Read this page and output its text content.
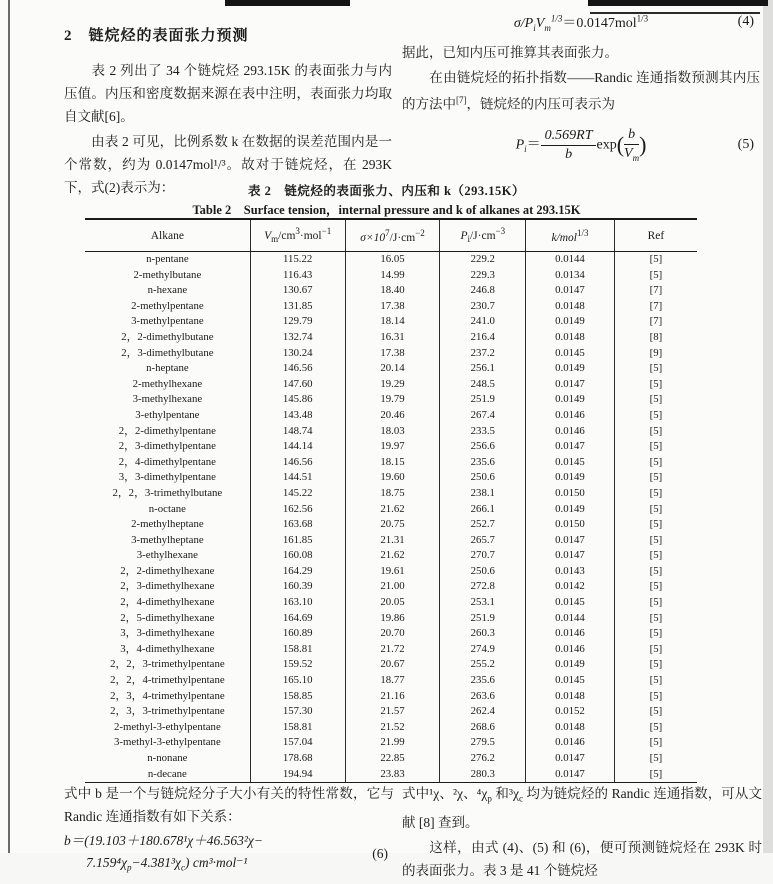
2　链烷烃的表面张力预测

表 2 列出了 34 个链烷烃 293.15K 的表面张力与内压值。内压和密度数据来源在表中注明，表面张力均取自文献[6]。

由表 2 可见，比例系数 k 在数据的误差范围内是一个常数，约为 0.0147mol¹/³。故对于链烷烃，在 293K 下，式(2)表示为：

$\sigma/P_iV_m^{1/3}=0.0147mol^{1/3}$	(4)

据此，已知内压可推算其表面张力。

在由链烷烃的拓扑指数——Randic 连通指数预测其内压的方法中[7]，链烷烃的内压可表示为

$P_i= \frac{0.569RT}{b} \exp( \frac{b}{V_m}$ )	(5)
表 2　链烷烃的表面张力、内压和 k（293.15K）
Table 2　Surface tension，internal pressure and k of alkanes at 293.15K
Alkane	$V_m/cm^3\cdot mol^{-1}$	$\sigma\times 10^7/J\cdot cm^{-2}$	$P_i/J\cdot cm^{-3}$	k/mol$^{1/3}$	Ref
n-pentane	115.22	16.05	229.2	0.0144	[5]
2-methylbutane	116.43	14.99	229.3	0.0134	[5]
n-hexane	130.67	18.40	246.8	0.0147	[7]
2-methylpentane	131.85	17.38	230.7	0.0148	[7]
3-methylpentane	129.79	18.14	241.0	0.0149	[7]
2，2-dimethylbutane	132.74	16.31	216.4	0.0148	[8]
2，3-dimethylbutane	130.24	17.38	237.2	0.0145	[9]
n-heptane	146.56	20.14	256.1	0.0149	[5]
2-methylhexane	147.60	19.29	248.5	0.0147	[5]
3-methylhexane	145.86	19.79	251.9	0.0149	[5]
3-ethylpentane	143.48	20.46	267.4	0.0146	[5]
2，2-dimethylpentane	148.74	18.03	233.5	0.0146	[5]
2，3-dimethylpentane	144.14	19.97	256.6	0.0147	[5]
2，4-dimethylpentane	146.56	18.15	235.6	0.0145	[5]
3，3-dimethylpentane	144.51	19.60	250.6	0.0149	[5]
2，2，3-trimethylbutane	145.22	18.75	238.1	0.0150	[5]
n-octane	162.56	21.62	266.1	0.0149	[5]
2-methylheptane	163.68	20.75	252.7	0.0150	[5]
3-methylheptane	161.85	21.31	265.7	0.0147	[5]
3-ethylhexane	160.08	21.62	270.7	0.0147	[5]
2，2-dimethylhexane	164.29	19.61	250.6	0.0143	[5]
2，3-dimethylhexane	160.39	21.00	272.8	0.0142	[5]
2，4-dimethylhexane	163.10	20.05	253.1	0.0145	[5]
2，5-dimethylhexane	164.69	19.86	251.9	0.0144	[5]
3，3-dimethylhexane	160.89	20.70	260.3	0.0146	[5]
3，4-dimethylhexane	158.81	21.72	274.9	0.0146	[5]
2，2，3-trimethylpentane	159.52	20.67	255.2	0.0149	[5]
2，2，4-trimethylpentane	165.10	18.77	235.6	0.0145	[5]
2，3，4-trimethylpentane	158.85	21.16	263.6	0.0148	[5]
2，3，3-trimethylpentane	157.30	21.57	262.4	0.0152	[5]
2-methyl-3-ethylpentane	158.81	21.52	268.6	0.0148	[5]
3-methyl-3-ethylpentane	157.04	21.99	279.5	0.0146	[5]
n-nonane	178.68	22.85	276.2	0.0147	[5]
n-decane	194.94	23.83	280.3	0.0147	[5]

式中 b 是一个与链烷烃分子大小有关的特性常数，它与 Randic 连通指数有如下关系：

b＝(19.103＋180.678¹χ＋46.563²χ−
$7.159^4\chi_p-4.381^3\chi_c$) cm³·mol⁻¹
(6)

式中¹χ、²χ、$^4\chi_p$ 和$^3\chi_c$ 均为链烷烃的 Randic 连通指数，可从文献 [8] 查到。

这样，由式 (4)、(5) 和 (6)，便可预测链烷烃在 293K 时的表面张力。表 3 是 41 个链烷烃
